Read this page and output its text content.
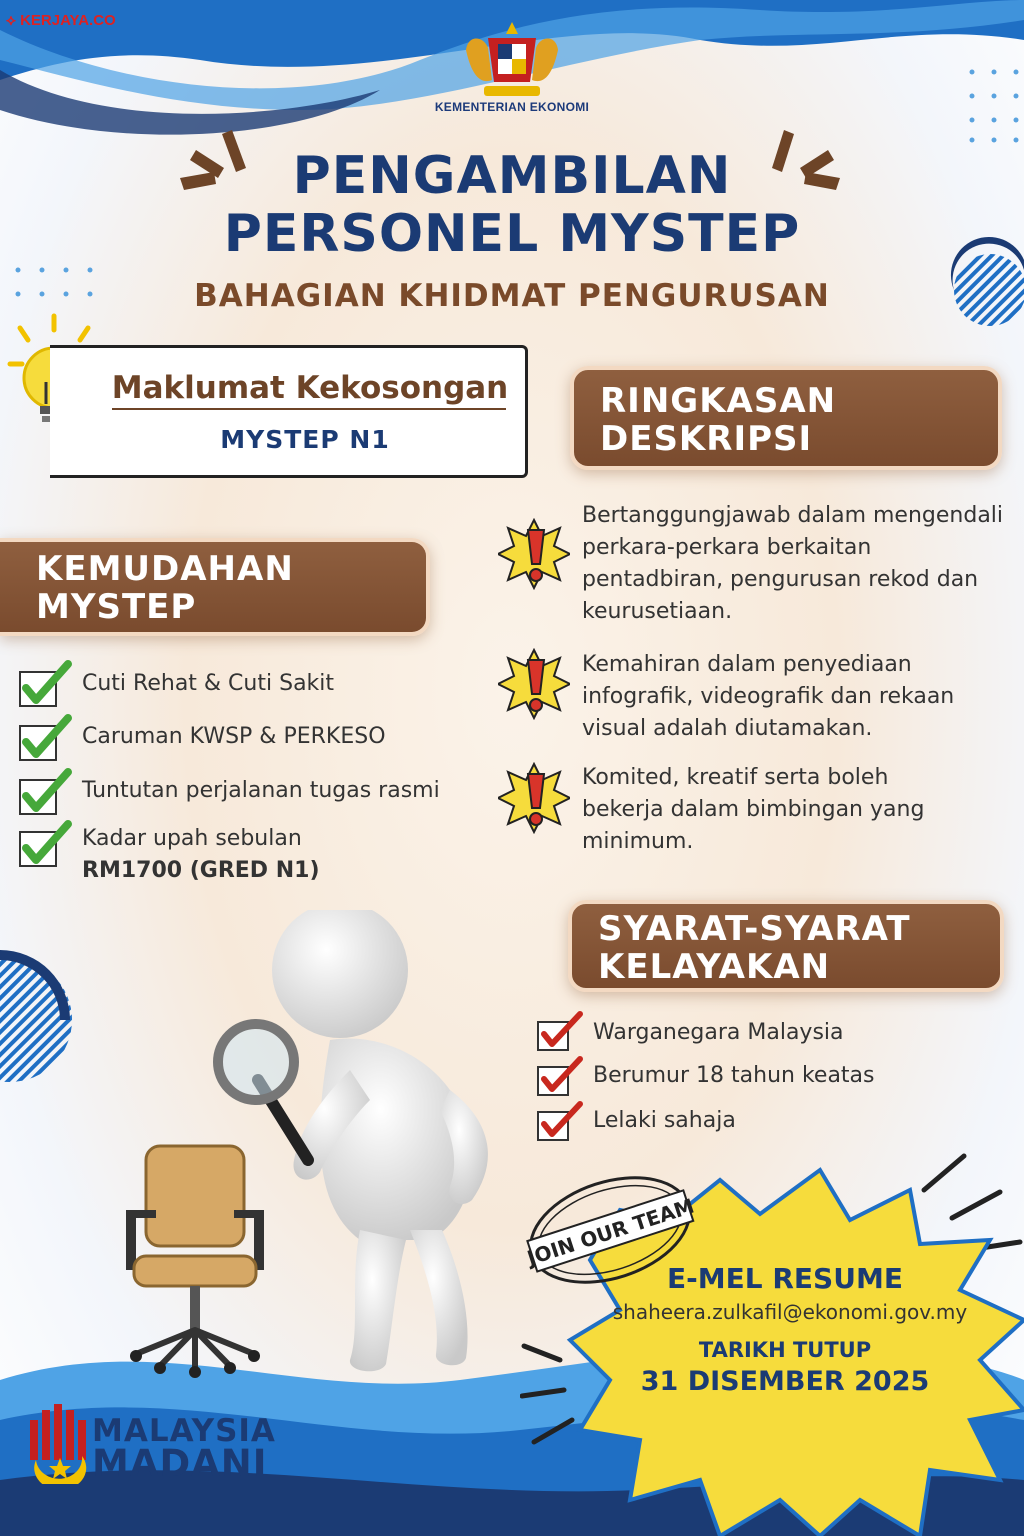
⟡ KERJAYA.CO
KEMENTERIAN EKONOMI
PENGAMBILAN
PERSONEL MYSTEP
BAHAGIAN KHIDMAT PENGURUSAN
Maklumat Kekosongan
MYSTEP N1
RINGKASAN
DESKRIPSI
Bertanggungjawab dalam mengendali
perkara-perkara berkaitan
pentadbiran, pengurusan rekod dan
keurusetiaan.
Kemahiran dalam penyediaan
infografik, videografik dan rekaan
visual adalah diutamakan.
Komited, kreatif serta boleh
bekerja dalam bimbingan yang
minimum.
KEMUDAHAN
MYSTEP
Cuti Rehat & Cuti Sakit
Caruman KWSP & PERKESO
Tuntutan perjalanan tugas rasmi
Kadar upah sebulan
RM1700 (GRED N1)
SYARAT-SYARAT
KELAYAKAN
Warganegara Malaysia
Berumur 18 tahun keatas
Lelaki sahaja
JOIN OUR TEAM
E-MEL RESUME
shaheera.zulkafil@ekonomi.gov.my
TARIKH TUTUP
31 DISEMBER 2025
MALAYSIA
MADANI
